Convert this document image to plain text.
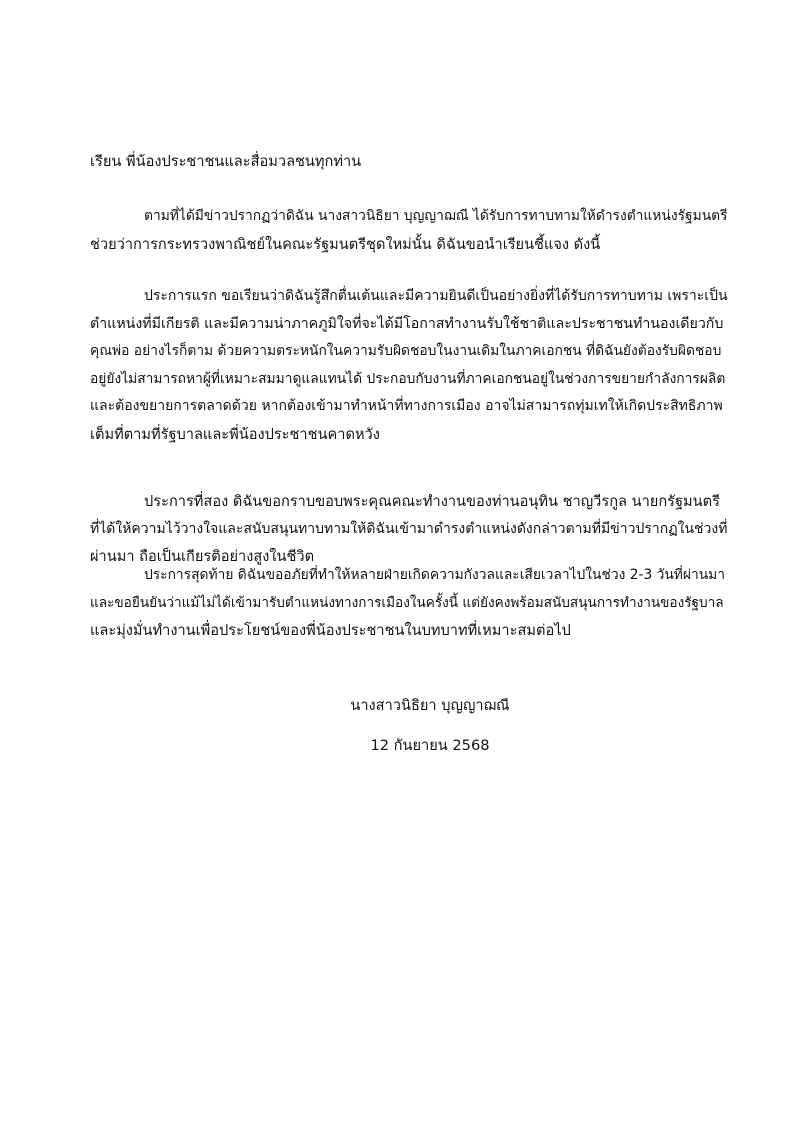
เรียน พี่น้องประชาชนและสื่อมวลชนทุกท่าน
ตามที่ได้มีข่าวปรากฏว่าดิฉัน นางสาวนิธิยา บุญญาฌณี ได้รับการทาบทามให้ดำรงตำแหน่งรัฐมนตรี
ช่วยว่าการกระทรวงพาณิชย์ในคณะรัฐมนตรีชุดใหม่นั้น ดิฉันขอนำเรียนชี้แจง ดังนี้
ประการแรก ขอเรียนว่าดิฉันรู้สึกตื่นเต้นและมีความยินดีเป็นอย่างยิ่งที่ได้รับการทาบทาม เพราะเป็น
ตำแหน่งที่มีเกียรติ และมีความน่าภาคภูมิใจที่จะได้มีโอกาสทำงานรับใช้ชาติและประชาชนทำนองเดียวกับ
คุณพ่อ อย่างไรก็ตาม ด้วยความตระหนักในความรับผิดชอบในงานเดิมในภาคเอกชน ที่ดิฉันยังต้องรับผิดชอบ
อยู่ยังไม่สามารถหาผู้ที่เหมาะสมมาดูแลแทนได้ ประกอบกับงานที่ภาคเอกชนอยู่ในช่วงการขยายกำลังการผลิต
และต้องขยายการตลาดด้วย หากต้องเข้ามาทำหน้าที่ทางการเมือง อาจไม่สามารถทุ่มเทให้เกิดประสิทธิภาพ
เต็มที่ตามที่รัฐบาลและพี่น้องประชาชนคาดหวัง
ประการที่สอง ดิฉันขอกราบขอบพระคุณคณะทำงานของท่านอนุทิน ชาญวีรกูล นายกรัฐมนตรี
ที่ได้ให้ความไว้วางใจและสนับสนุนทาบทามให้ดิฉันเข้ามาดำรงตำแหน่งดังกล่าวตามที่มีข่าวปรากฏในช่วงที่
ผ่านมา ถือเป็นเกียรติอย่างสูงในชีวิต
ประการสุดท้าย ดิฉันขออภัยที่ทำให้หลายฝ่ายเกิดความกังวลและเสียเวลาไปในช่วง 2-3 วันที่ผ่านมา
และขอยืนยันว่าแม้ไม่ได้เข้ามารับตำแหน่งทางการเมืองในครั้งนี้ แต่ยังคงพร้อมสนับสนุนการทำงานของรัฐบาล
และมุ่งมั่นทำงานเพื่อประโยชน์ของพี่น้องประชาชนในบทบาทที่เหมาะสมต่อไป
นางสาวนิธิยา บุญญาฌณี
12 กันยายน 2568
